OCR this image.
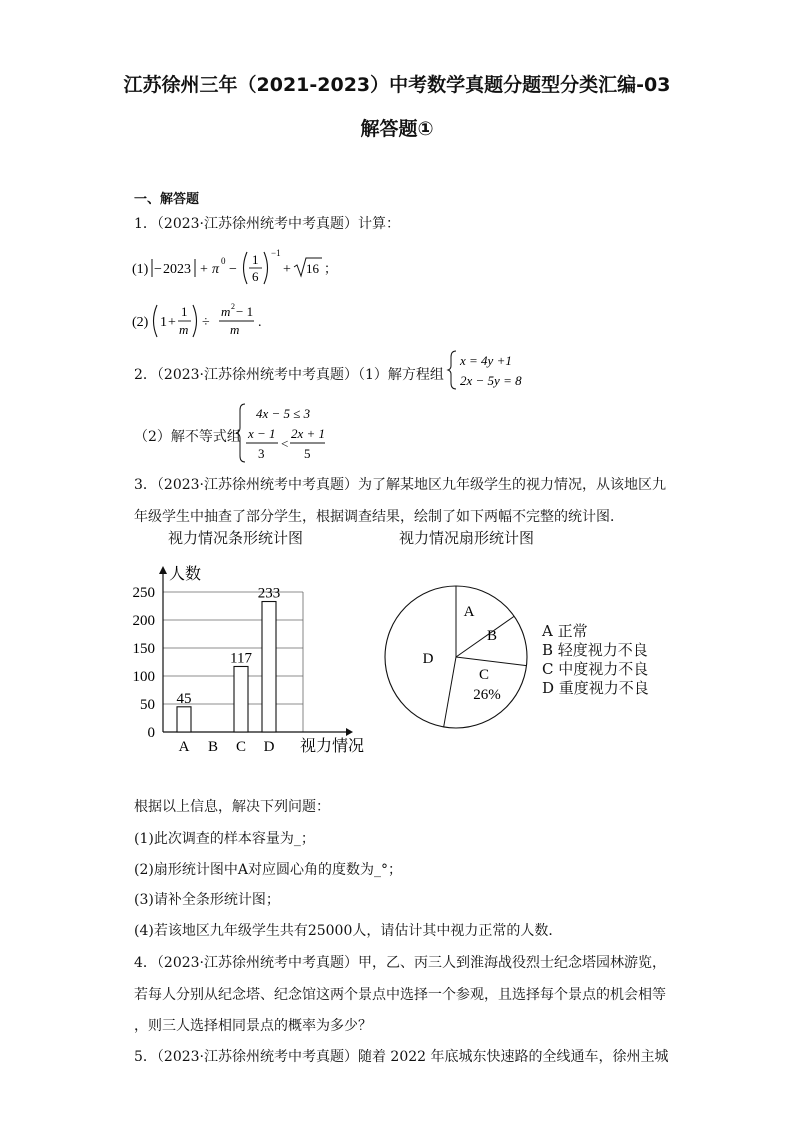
江苏徐州三年（2021-2023）中考数学真题分题型分类汇编-03
解答题①
一、解答题
1．（2023·江苏徐州统考中考真题）计算：
(1) − 2023 + π
0
−
1
6
−1
+ 16 ；
(2) 1 +
1
m ÷
m 2 − 1
m .
2．（2023·江苏徐州统考中考真题）（1）解方程组
x = 4y +1
2x − 5y = 8
（2）解不等式组
4x − 5 ≤ 3
x − 1
3
<
2x + 1
5
3．（2023·江苏徐州统考中考真题）为了解某地区九年级学生的视力情况，从该地区九
年级学生中抽查了部分学生，根据调查结果，绘制了如下两幅不完整的统计图．
视力情况条形统计图	视力情况扇形统计图
0
50
100
150
200
250
人数
视力情况
A
45
B C
117
D
233
A
B
C
D
26%
A 正常
B 轻度视力不良
C 中度视力不良
D 重度视力不良
根据以上信息，解决下列问题：
(1)此次调查的样本容量为_；
(2)扇形统计图中A对应圆心角的度数为_°；
(3)请补全条形统计图；
(4)若该地区九年级学生共有25000人，请估计其中视力正常的人数．
4．（2023·江苏徐州统考中考真题）甲，乙、丙三人到淮海战役烈士纪念塔园林游览，
若每人分别从纪念塔、纪念馆这两个景点中选择一个参观，且选择每个景点的机会相等
，则三人选择相同景点的概率为多少？
5．（2023·江苏徐州统考中考真题）随着 2022 年底城东快速路的全线通车，徐州主城
